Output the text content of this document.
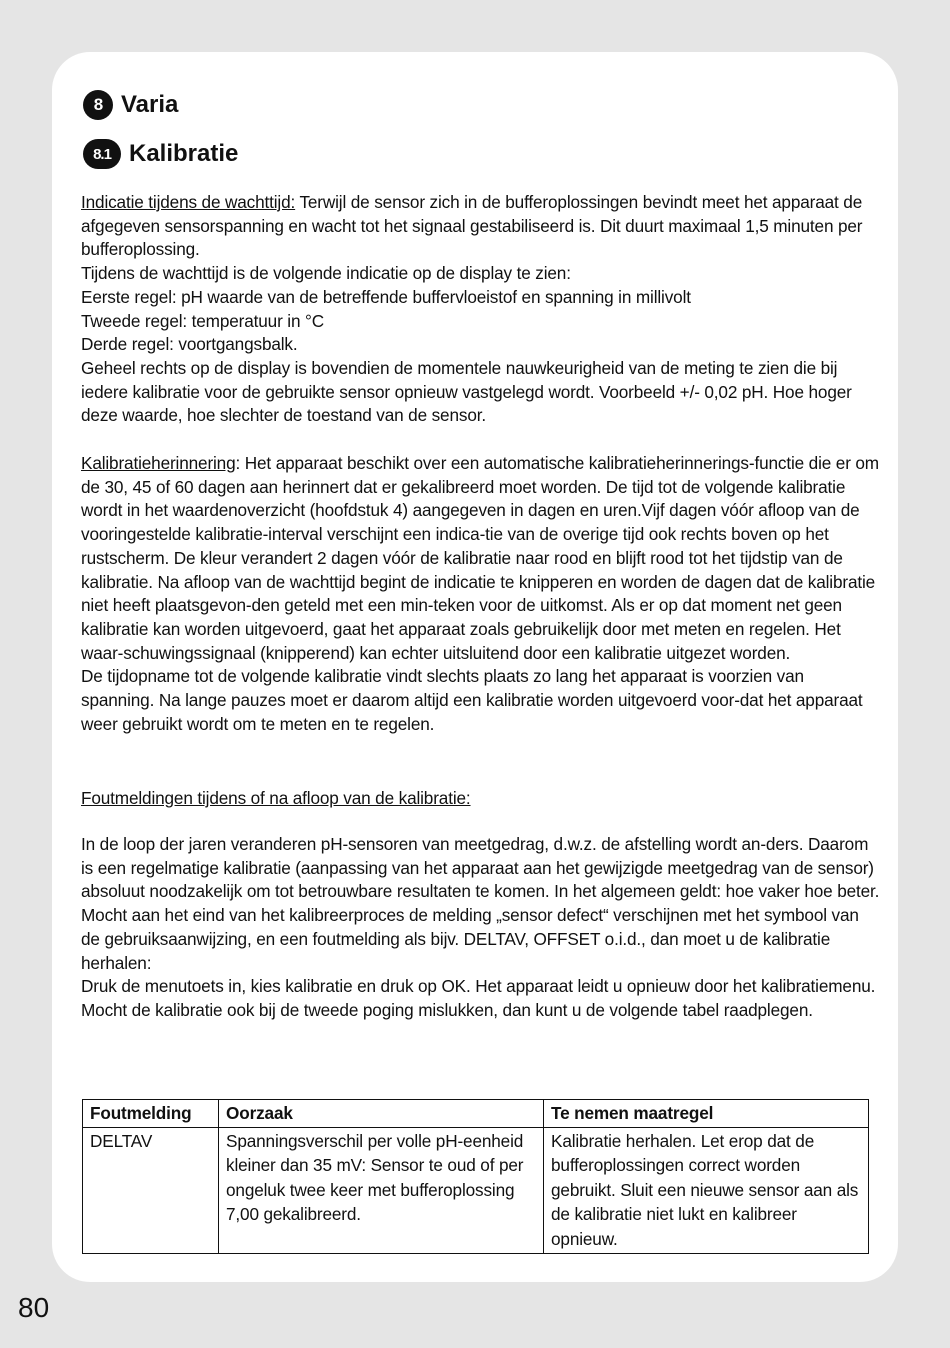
8 Varia
8.1 Kalibratie

Indicatie tijdens de wachttijd: Terwijl de sensor zich in de bufferoplossingen bevindt meet het apparaat de afgegeven sensorspanning en wacht tot het signaal gestabiliseerd is. Dit duurt maximaal 1,5 minuten per bufferoplossing.

Tijdens de wachttijd is de volgende indicatie op de display te zien:

Eerste regel: pH waarde van de betreffende buffervloeistof en spanning in millivolt

Tweede regel: temperatuur in °C

Derde regel: voortgangsbalk.

Geheel rechts op de display is bovendien de momentele nauwkeurigheid van de meting te zien die bij iedere kalibratie voor de gebruikte sensor opnieuw vastgelegd wordt. Voorbeeld +/- 0,02 pH. Hoe hoger deze waarde, hoe slechter de toestand van de sensor.

Kalibratieherinnering: Het apparaat beschikt over een automatische kalibratieherinnerings-functie die er om de 30, 45 of 60 dagen aan herinnert dat er gekalibreerd moet worden. De tijd tot de volgende kalibratie wordt in het waardenoverzicht (hoofdstuk 4) aangegeven in dagen en uren.Vijf dagen vóór afloop van de vooringestelde kalibratie-interval verschijnt een indica-tie van de overige tijd ook rechts boven op het rustscherm. De kleur verandert 2 dagen vóór de kalibratie naar rood en blijft rood tot het tijdstip van de kalibratie. Na afloop van de wachttijd begint de indicatie te knipperen en worden de dagen dat de kalibratie niet heeft plaatsgevon-den geteld met een min-teken voor de uitkomst. Als er op dat moment net geen kalibratie kan worden uitgevoerd, gaat het apparaat zoals gebruikelijk door met meten en regelen. Het waar-schuwingssignaal (knipperend) kan echter uitsluitend door een kalibratie uitgezet worden.

De tijdopname tot de volgende kalibratie vindt slechts plaats zo lang het apparaat is voorzien van spanning. Na lange pauzes moet er daarom altijd een kalibratie worden uitgevoerd voor-dat het apparaat weer gebruikt wordt om te meten en te regelen.

Foutmeldingen tijdens of na afloop van de kalibratie:

In de loop der jaren veranderen pH-sensoren van meetgedrag, d.w.z. de afstelling wordt an-ders. Daarom is een regelmatige kalibratie (aanpassing van het apparaat aan het gewijzigde meetgedrag van de sensor) absoluut noodzakelijk om tot betrouwbare resultaten te komen. In het algemeen geldt: hoe vaker hoe beter.

Mocht aan het eind van het kalibreerproces de melding „sensor defect“ verschijnen met het symbool van de gebruiksaanwijzing, en een foutmelding als bijv. DELTAV, OFFSET o.i.d., dan moet u de kalibratie herhalen:

Druk de menutoets in, kies kalibratie en druk op OK. Het apparaat leidt u opnieuw door het kalibratiemenu.

Mocht de kalibratie ook bij de tweede poging mislukken, dan kunt u de volgende tabel raadplegen.

Foutmelding	Oorzaak	Te nemen maatregel
DELTAV	Spanningsverschil per volle pH-eenheid kleiner dan 35 mV: Sensor te oud of per ongeluk twee keer met bufferoplossing 7,00 gekalibreerd.	Kalibratie herhalen. Let erop dat de bufferoplossingen correct worden gebruikt. Sluit een nieuwe sensor aan als de kalibratie niet lukt en kalibreer opnieuw.
80
